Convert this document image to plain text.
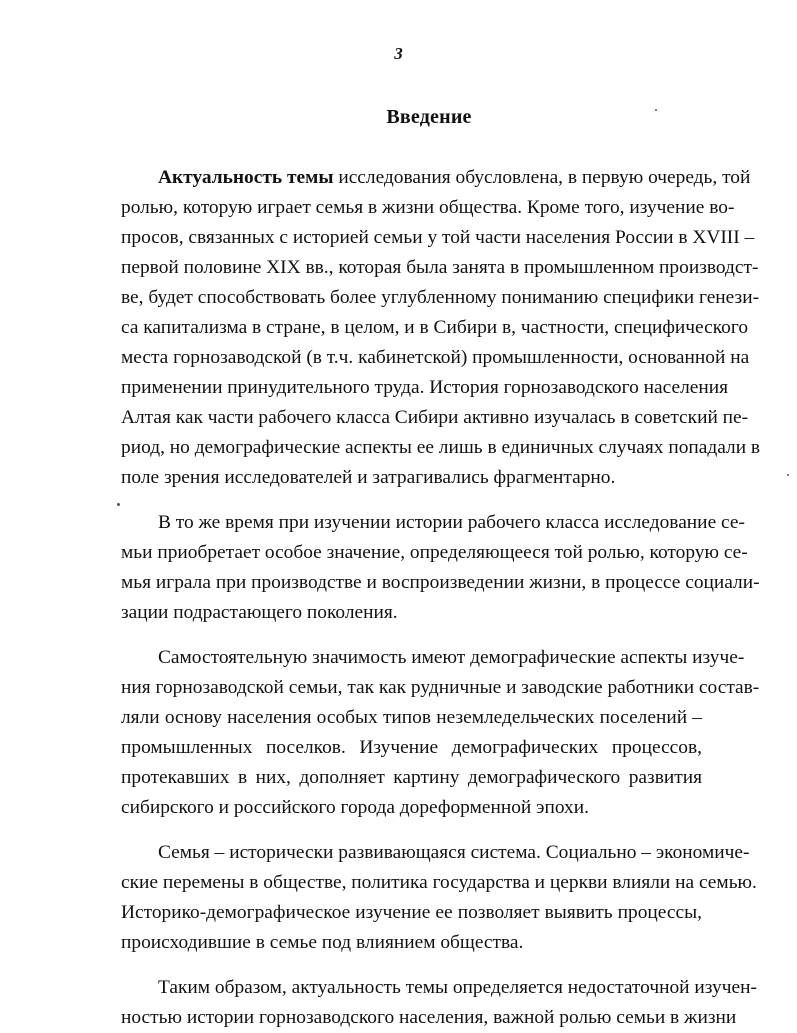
3
Введение

Актуальность темы исследования обусловлена, в первую очередь, той
ролью, которую играет семья в жизни общества. Кроме того, изучение во-
просов, связанных с историей семьи у той части населения России в XVIII –
первой половине XIX вв., которая была занята в промышленном производст-
ве, будет способствовать более углубленному пониманию специфики генези-
са капитализма в стране, в целом, и в Сибири в, частности, специфического
места горнозаводской (в т.ч. кабинетской) промышленности, основанной на
применении принудительного труда. История горнозаводского населения
Алтая как части рабочего класса Сибири активно изучалась в советский пе-
риод, но демографические аспекты ее лишь в единичных случаях попадали в
поле зрения исследователей и затрагивались фрагментарно.

В то же время при изучении истории рабочего класса исследование се-
мьи приобретает особое значение, определяющееся той ролью, которую се-
мья играла при производстве и воспроизведении жизни, в процессе социали-
зации подрастающего поколения.

Самостоятельную значимость имеют демографические аспекты изуче-
ния горнозаводской семьи, так как рудничные и заводские работники состав-
ляли основу населения особых типов неземледельческих поселений –
промышленных поселков. Изучение демографических процессов,
протекавших в них, дополняет картину демографического развития
сибирского и российского города дореформенной эпохи.

Семья – исторически развивающаяся система. Социально – экономиче-
ские перемены в обществе, политика государства и церкви влияли на семью.
Историко-демографическое изучение ее позволяет выявить процессы,
происходившие в семье под влиянием общества.

Таким образом, актуальность темы определяется недостаточной изучен-
ностью истории горнозаводского населения, важной ролью семьи в жизни
